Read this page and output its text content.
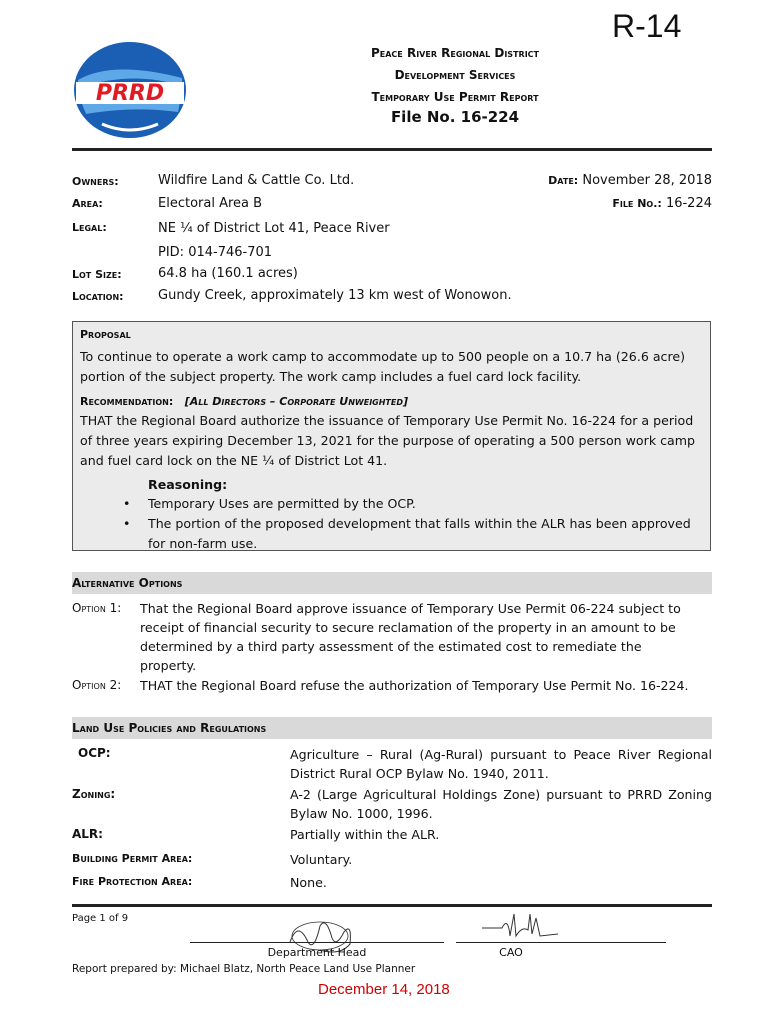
R-14
PRRD
Peace River Regional District
Development Services
Temporary Use Permit Report
File No. 16-224
Owners:	Wildfire Land & Cattle Co. Ltd.
Area:	Electoral Area B
Legal:	NE ¼ of District Lot 41, Peace River
PID: 014-746-701
Lot Size:	64.8 ha (160.1 acres)
Location:	Gundy Creek, approximately 13 km west of Wonowon.
Date: November 28, 2018
File No.: 16-224
Proposal
To continue to operate a work camp to accommodate up to 500 people on a 10.7 ha (26.6 acre) portion of the subject property. The work camp includes a fuel card lock facility.
Recommendation: [All Directors – Corporate Unweighted]
THAT the Regional Board authorize the issuance of Temporary Use Permit No. 16-224 for a period of three years expiring December 13, 2021 for the purpose of operating a 500 person work camp and fuel card lock on the NE ¼ of District Lot 41.
Reasoning:
• Temporary Uses are permitted by the OCP.
• The portion of the proposed development that falls within the ALR has been approved for non-farm use.
Alternative Options
Option 1: That the Regional Board approve issuance of Temporary Use Permit 06-224 subject to receipt of financial security to secure reclamation of the property in an amount to be determined by a third party assessment of the estimated cost to remediate the property.
Option 2: THAT the Regional Board refuse the authorization of Temporary Use Permit No. 16-224.
Land Use Policies and Regulations
OCP:	Agriculture – Rural (Ag-Rural) pursuant to Peace River Regional District Rural OCP Bylaw No. 1940, 2011.
Zoning:	A-2 (Large Agricultural Holdings Zone) pursuant to PRRD Zoning Bylaw No. 1000, 1996.
ALR:	Partially within the ALR.
Building Permit Area:	Voluntary.
Fire Protection Area:	None.
Page 1 of 9
Department Head	CAO
Report prepared by: Michael Blatz, North Peace Land Use Planner
December 14, 2018
